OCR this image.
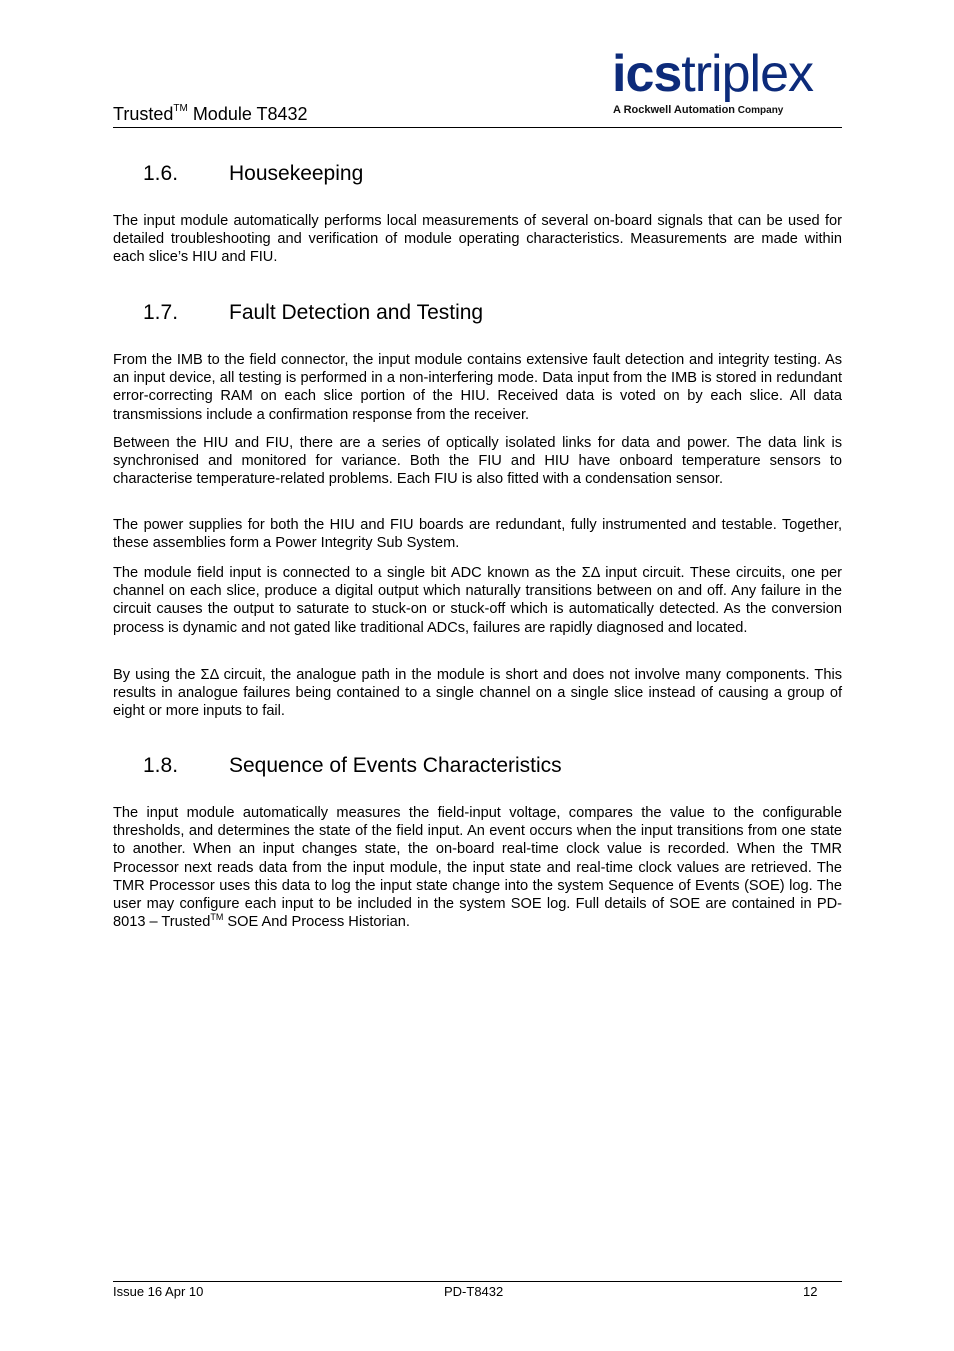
Trusted™ Module T8432
icstriplex
A Rockwell Automation Company
1.6. Housekeeping

The input module automatically performs local measurements of several on-board signals that can be used for detailed troubleshooting and verification of module operating characteristics. Measurements are made within each slice’s HIU and FIU.

1.7. Fault Detection and Testing

From the IMB to the field connector, the input module contains extensive fault detection and integrity testing. As an input device, all testing is performed in a non-interfering mode. Data input from the IMB is stored in redundant error-correcting RAM on each slice portion of the HIU. Received data is voted on by each slice. All data transmissions include a confirmation response from the receiver.

Between the HIU and FIU, there are a series of optically isolated links for data and power. The data link is synchronised and monitored for variance. Both the FIU and HIU have onboard temperature sensors to characterise temperature-related problems. Each FIU is also fitted with a condensation sensor.

The power supplies for both the HIU and FIU boards are redundant, fully instrumented and testable. Together, these assemblies form a Power Integrity Sub System.

The module field input is connected to a single bit ADC known as the ΣΔ input circuit. These circuits, one per channel on each slice, produce a digital output which naturally transitions between on and off. Any failure in the circuit causes the output to saturate to stuck-on or stuck-off which is automatically detected. As the conversion process is dynamic and not gated like traditional ADCs, failures are rapidly diagnosed and located.

By using the ΣΔ circuit, the analogue path in the module is short and does not involve many components. This results in analogue failures being contained to a single channel on a single slice instead of causing a group of eight or more inputs to fail.

1.8. Sequence of Events Characteristics

The input module automatically measures the field-input voltage, compares the value to the configurable thresholds, and determines the state of the field input. An event occurs when the input transitions from one state to another. When an input changes state, the on-board real-time clock value is recorded. When the TMR Processor next reads data from the input module, the input state and real-time clock values are retrieved. The TMR Processor uses this data to log the input state change into the system Sequence of Events (SOE) log. The user may configure each input to be included in the system SOE log. Full details of SOE are contained in PD-8013 – Trusted™ SOE And Process Historian.

Issue 16 Apr 10	PD-T8432	12
